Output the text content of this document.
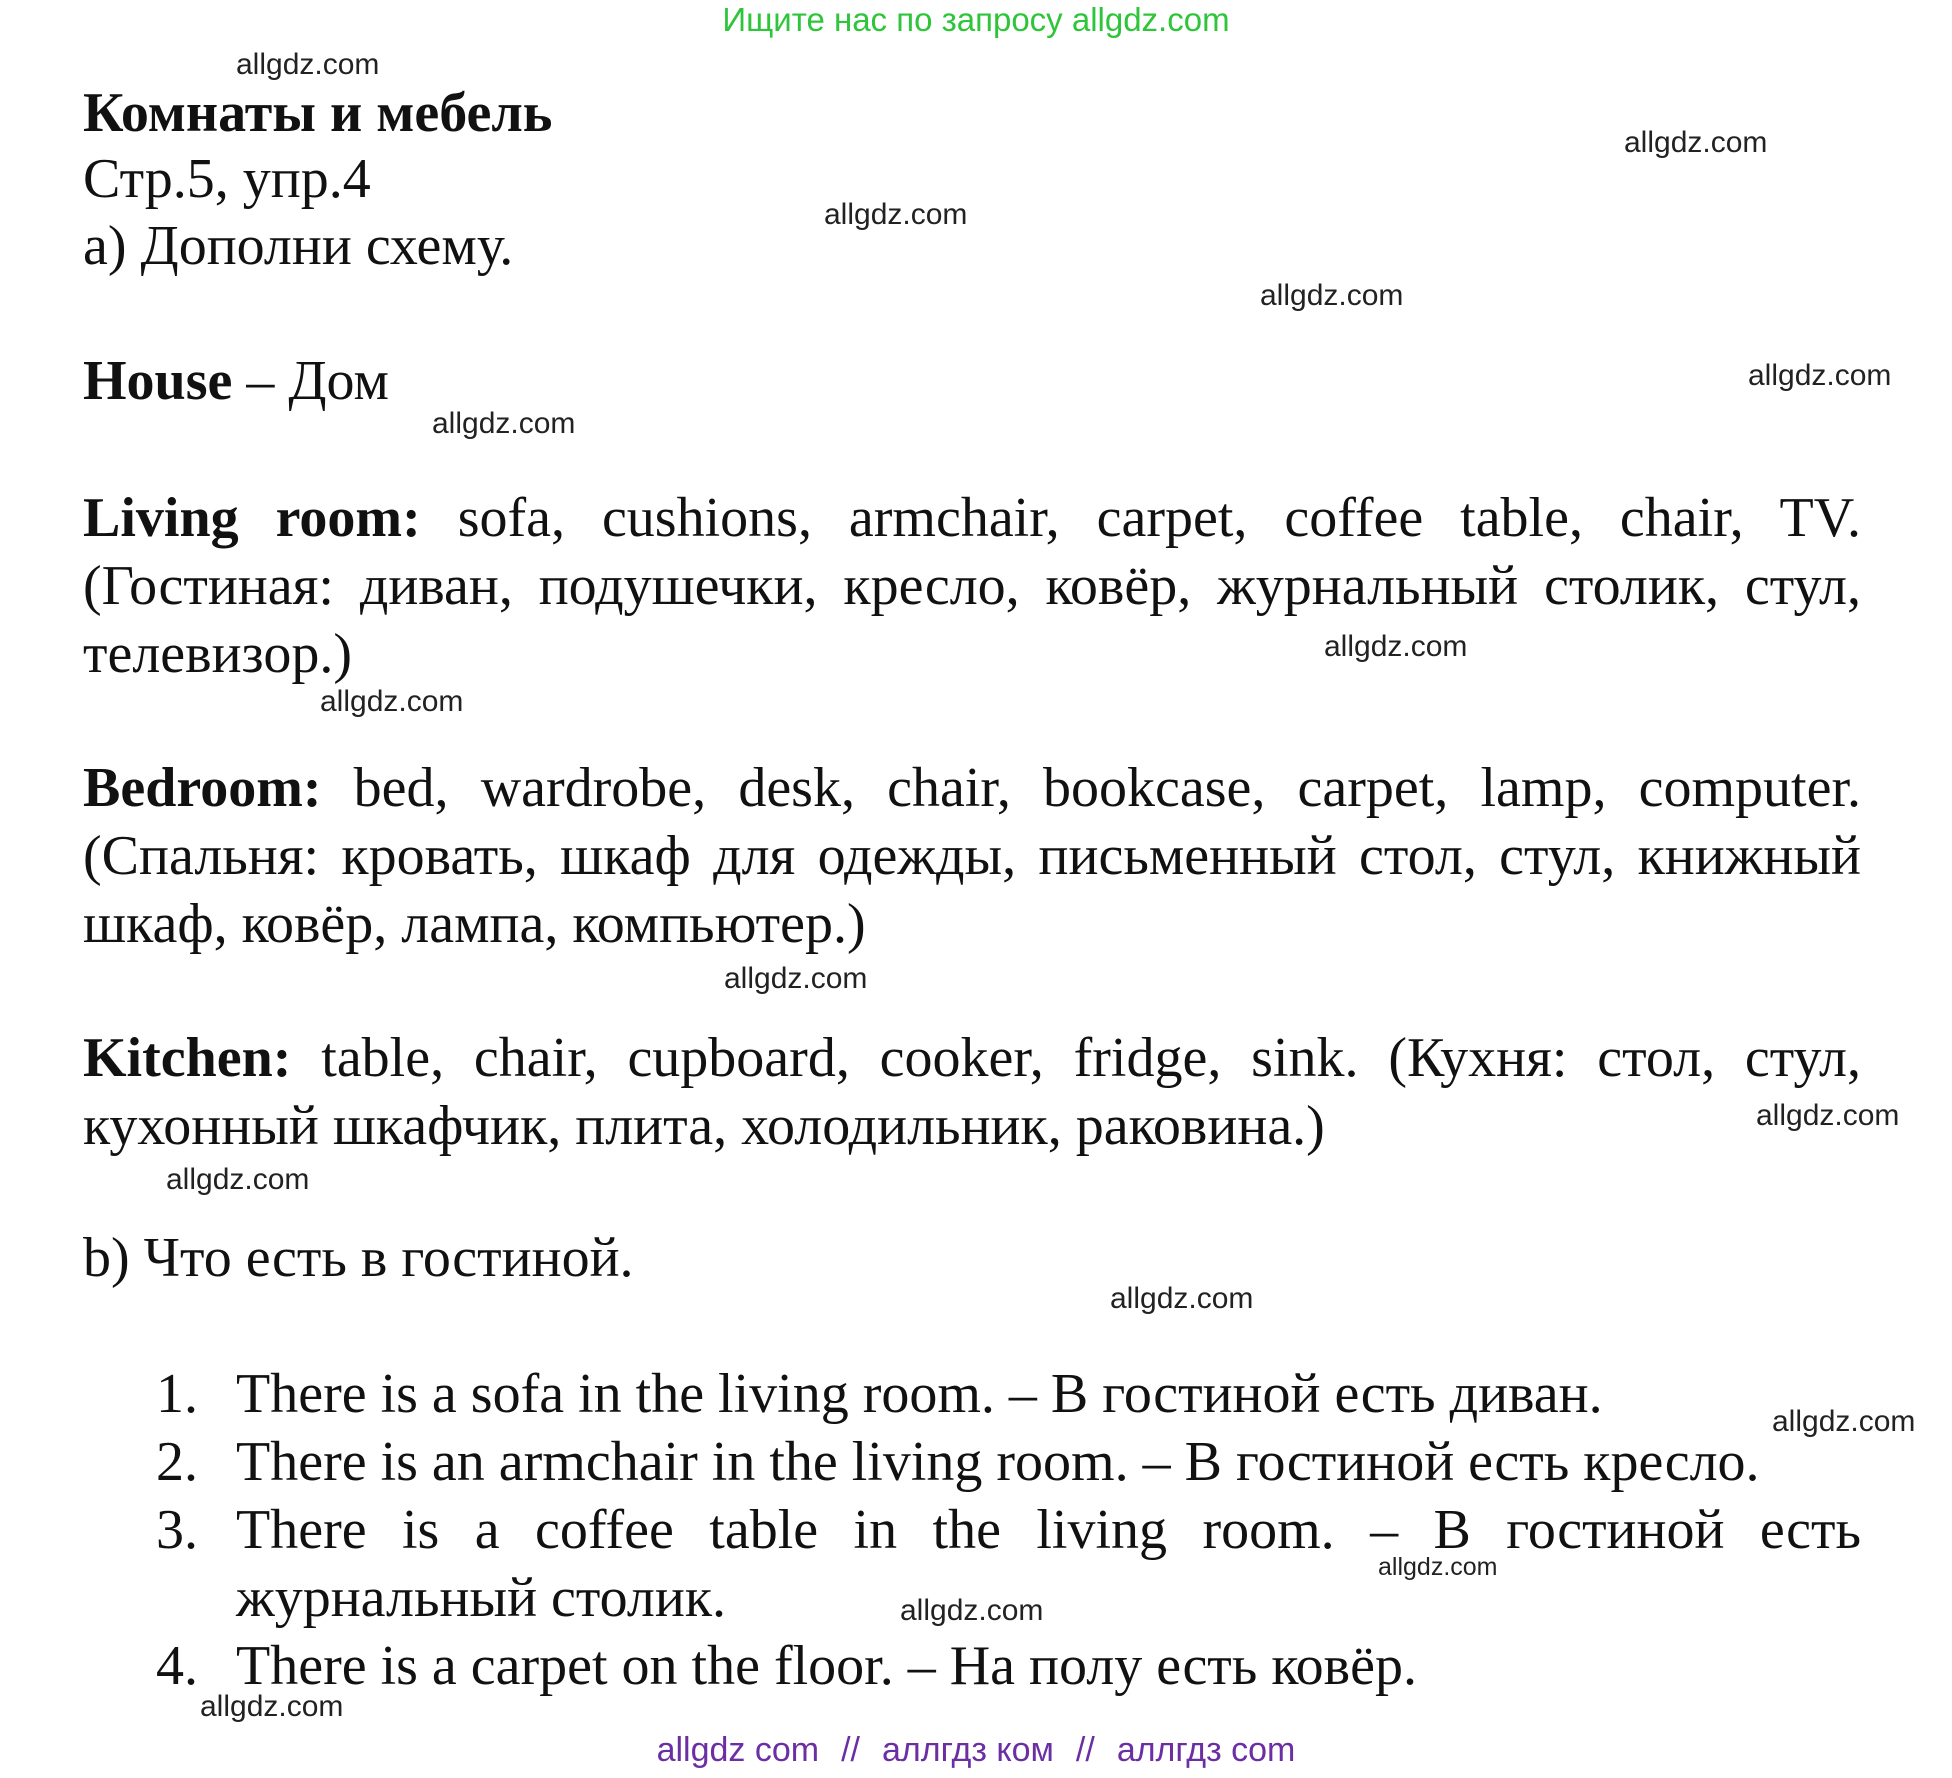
Ищите нас по запросу allgdz.com
Комнаты и мебель
Стр.5, упр.4
a) Дополни схему.
House – Дом
Living room: sofa, cushions, armchair, carpet, coffee table, chair, TV. (Гостиная: диван, подушечки, кресло, ковёр, журнальный столик, стул, телевизор.)
Bedroom: bed, wardrobe, desk, chair, bookcase, carpet, lamp, computer. (Спальня: кровать, шкаф для одежды, письменный стол, стул, книжный шкаф, ковёр, лампа, компьютер.)
Kitchen: table, chair, cupboard, cooker, fridge, sink. (Кухня: стол, стул, кухонный шкафчик, плита, холодильник, раковина.)
b) Что есть в гостиной.
1. There is a sofa in the living room. – В гостиной есть диван.
2. There is an armchair in the living room. – В гостиной есть кресло.
3. There is a coffee table in the living room. – В гостиной есть журнальный столик.
4. There is a carpet on the floor. – На полу есть ковёр.
allgdz.com
allgdz.com
allgdz.com
allgdz.com
allgdz.com
allgdz.com
allgdz.com
allgdz.com
allgdz.com
allgdz.com
allgdz.com
allgdz.com
allgdz.com
allgdz.com
allgdz.com
allgdz.com
allgdz com // аллгдз ком // аллгдз com
